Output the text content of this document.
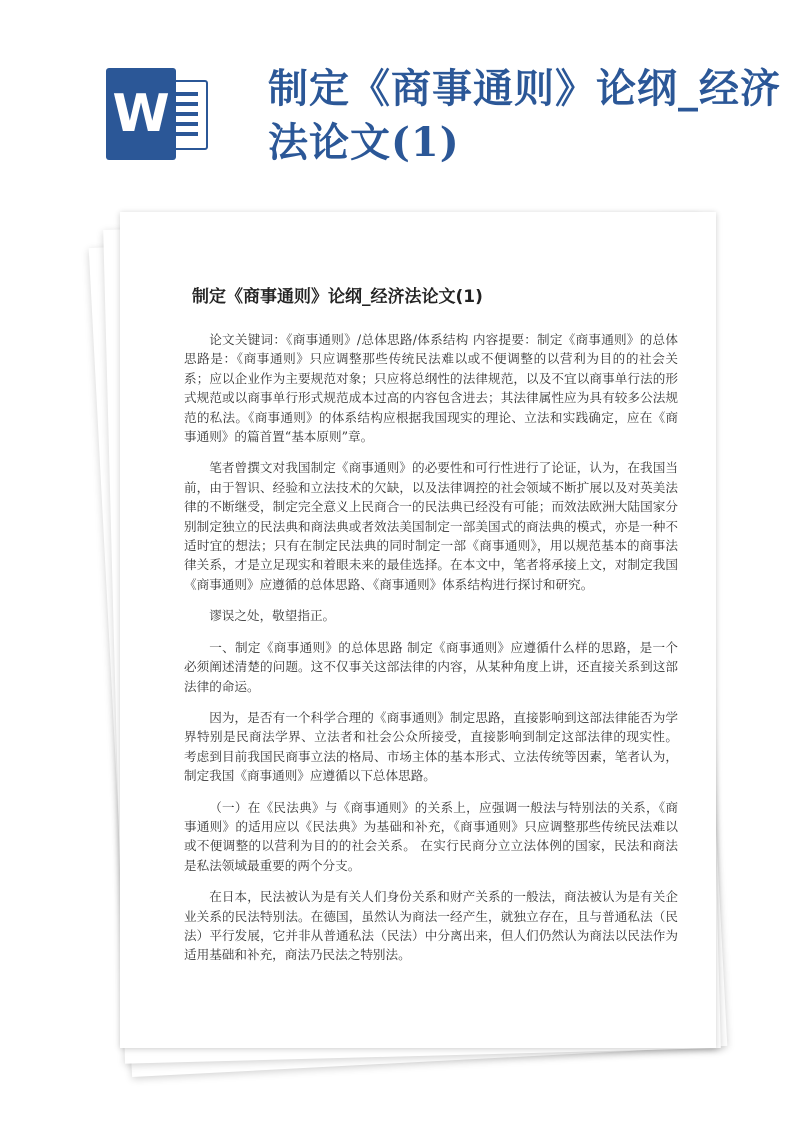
W 制定《商事通则》论纲_经济法论文(1)
制定《商事通则》论纲_经济法论文(1)

论文关键词：《商事通则》/总体思路/体系结构 内容提要：制定《商事通则》的总体思路是：《商事通则》只应调整那些传统民法难以或不便调整的以营利为目的的社会关系；应以企业作为主要规范对象；只应将总纲性的法律规范，以及不宜以商事单行法的形式规范或以商事单行形式规范成本过高的内容包含进去；其法律属性应为具有较多公法规范的私法。《商事通则》的体系结构应根据我国现实的理论、立法和实践确定，应在《商事通则》的篇首置“基本原则”章。

笔者曾撰文对我国制定《商事通则》的必要性和可行性进行了论证，认为，在我国当前，由于智识、经验和立法技术的欠缺，以及法律调控的社会领域不断扩展以及对英美法律的不断继受，制定完全意义上民商合一的民法典已经没有可能；而效法欧洲大陆国家分别制定独立的民法典和商法典或者效法美国制定一部美国式的商法典的模式，亦是一种不适时宜的想法；只有在制定民法典的同时制定一部《商事通则》，用以规范基本的商事法律关系，才是立足现实和着眼未来的最佳选择。在本文中，笔者将承接上文，对制定我国《商事通则》应遵循的总体思路、《商事通则》体系结构进行探讨和研究。

谬误之处，敬望指正。

一、制定《商事通则》的总体思路 制定《商事通则》应遵循什么样的思路，是一个必须阐述清楚的问题。这不仅事关这部法律的内容，从某种角度上讲，还直接关系到这部法律的命运。

因为，是否有一个科学合理的《商事通则》制定思路，直接影响到这部法律能否为学界特别是民商法学界、立法者和社会公众所接受，直接影响到制定这部法律的现实性。 考虑到目前我国民商事立法的格局、市场主体的基本形式、立法传统等因素，笔者认为，制定我国《商事通则》应遵循以下总体思路。

（一）在《民法典》与《商事通则》的关系上，应强调一般法与特别法的关系，《商事通则》的适用应以《民法典》为基础和补充，《商事通则》只应调整那些传统民法难以或不便调整的以营利为目的的社会关系。 在实行民商分立立法体例的国家，民法和商法是私法领域最重要的两个分支。

在日本，民法被认为是有关人们身份关系和财产关系的一般法，商法被认为是有关企业关系的民法特别法。在德国，虽然认为商法一经产生，就独立存在，且与普通私法（民法）平行发展，它并非从普通私法（民法）中分离出来，但人们仍然认为商法以民法作为适用基础和补充，商法乃民法之特别法。
